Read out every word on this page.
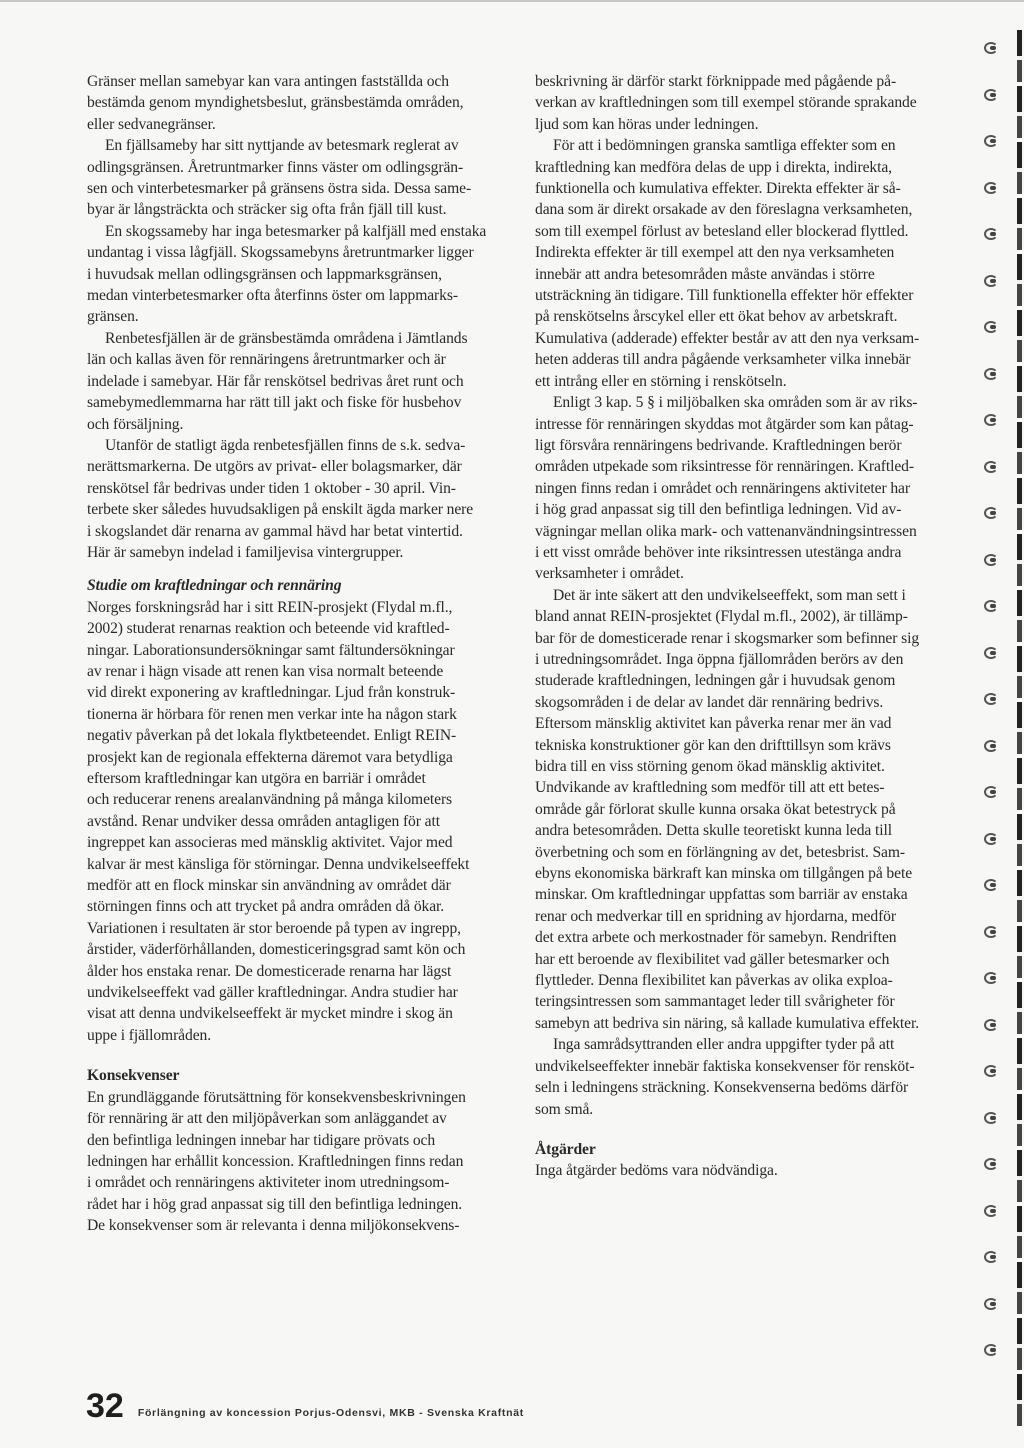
Gränser mellan samebyar kan vara antingen fastställda och
bestämda genom myndighetsbeslut, gränsbestämda områden,
eller sedvanegränser.

En fjällsameby har sitt nyttjande av betesmark reglerat av
odlingsgränsen. Åretruntmarker finns väster om odlingsgrän-
sen och vinterbetesmarker på gränsens östra sida. Dessa same-
byar är långsträckta och sträcker sig ofta från fjäll till kust.

En skogssameby har inga betesmarker på kalfjäll med enstaka
undantag i vissa lågfjäll. Skogssamebyns åretruntmarker ligger
i huvudsak mellan odlingsgränsen och lappmarksgränsen,
medan vinterbetesmarker ofta återfinns öster om lappmarks-
gränsen.

Renbetesfjällen är de gränsbestämda områdena i Jämtlands
län och kallas även för rennäringens åretruntmarker och är
indelade i samebyar. Här får renskötsel bedrivas året runt och
samebymedlemmarna har rätt till jakt och fiske för husbehov
och försäljning.

Utanför de statligt ägda renbetesfjällen finns de s.k. sedva-
nerättsmarkerna. De utgörs av privat- eller bolagsmarker, där
renskötsel får bedrivas under tiden 1 oktober - 30 april. Vin-
terbete sker således huvudsakligen på enskilt ägda marker nere
i skogslandet där renarna av gammal hävd har betat vintertid.
Här är samebyn indelad i familjevisa vintergrupper.

Studie om kraftledningar och rennäring

Norges forskningsråd har i sitt REIN-prosjekt (Flydal m.fl.,
2002) studerat renarnas reaktion och beteende vid kraftled-
ningar. Laborationsundersökningar samt fältundersökningar
av renar i hägn visade att renen kan visa normalt beteende
vid direkt exponering av kraftledningar. Ljud från konstruk-
tionerna är hörbara för renen men verkar inte ha någon stark
negativ påverkan på det lokala flyktbeteendet. Enligt REIN-
prosjekt kan de regionala effekterna däremot vara betydliga
eftersom kraftledningar kan utgöra en barriär i området
och reducerar renens arealanvändning på många kilometers
avstånd. Renar undviker dessa områden antagligen för att
ingreppet kan associeras med mänsklig aktivitet. Vajor med
kalvar är mest känsliga för störningar. Denna undvikelseeffekt
medför att en flock minskar sin användning av området där
störningen finns och att trycket på andra områden då ökar.
Variationen i resultaten är stor beroende på typen av ingrepp,
årstider, väderförhållanden, domesticeringsgrad samt kön och
ålder hos enstaka renar. De domesticerade renarna har lägst
undvikelseeffekt vad gäller kraftledningar. Andra studier har
visat att denna undvikelseeffekt är mycket mindre i skog än
uppe i fjällområden.

Konsekvenser

En grundläggande förutsättning för konsekvensbeskrivningen
för rennäring är att den miljöpåverkan som anläggandet av
den befintliga ledningen innebar har tidigare prövats och
ledningen har erhållit koncession. Kraftledningen finns redan
i området och rennäringens aktiviteter inom utredningsom-
rådet har i hög grad anpassat sig till den befintliga ledningen.
De konsekvenser som är relevanta i denna miljökonsekvens-

beskrivning är därför starkt förknippade med pågående på-
verkan av kraftledningen som till exempel störande sprakande
ljud som kan höras under ledningen.

För att i bedömningen granska samtliga effekter som en
kraftledning kan medföra delas de upp i direkta, indirekta,
funktionella och kumulativa effekter. Direkta effekter är så-
dana som är direkt orsakade av den föreslagna verksamheten,
som till exempel förlust av betesland eller blockerad flyttled.
Indirekta effekter är till exempel att den nya verksamheten
innebär att andra betesområden måste användas i större
utsträckning än tidigare. Till funktionella effekter hör effekter
på renskötselns årscykel eller ett ökat behov av arbetskraft.
Kumulativa (adderade) effekter består av att den nya verksam-
heten adderas till andra pågående verksamheter vilka innebär
ett intrång eller en störning i renskötseln.

Enligt 3 kap. 5 § i miljöbalken ska områden som är av riks-
intresse för rennäringen skyddas mot åtgärder som kan påtag-
ligt försvåra rennäringens bedrivande. Kraftledningen berör
områden utpekade som riksintresse för rennäringen. Kraftled-
ningen finns redan i området och rennäringens aktiviteter har
i hög grad anpassat sig till den befintliga ledningen. Vid av-
vägningar mellan olika mark- och vattenanvändningsintressen
i ett visst område behöver inte riksintressen utestänga andra
verksamheter i området.

Det är inte säkert att den undvikelseeffekt, som man sett i
bland annat REIN-prosjektet (Flydal m.fl., 2002), är tillämp-
bar för de domesticerade renar i skogsmarker som befinner sig
i utredningsområdet. Inga öppna fjällområden berörs av den
studerade kraftledningen, ledningen går i huvudsak genom
skogsområden i de delar av landet där rennäring bedrivs.
Eftersom mänsklig aktivitet kan påverka renar mer än vad
tekniska konstruktioner gör kan den drifttillsyn som krävs
bidra till en viss störning genom ökad mänsklig aktivitet.
Undvikande av kraftledning som medför till att ett betes-
område går förlorat skulle kunna orsaka ökat betestryck på
andra betesområden. Detta skulle teoretiskt kunna leda till
överbetning och som en förlängning av det, betesbrist. Sam-
ebyns ekonomiska bärkraft kan minska om tillgången på bete
minskar. Om kraftledningar uppfattas som barriär av enstaka
renar och medverkar till en spridning av hjordarna, medför
det extra arbete och merkostnader för samebyn. Rendriften
har ett beroende av flexibilitet vad gäller betesmarker och
flyttleder. Denna flexibilitet kan påverkas av olika exploa-
teringsintressen som sammantaget leder till svårigheter för
samebyn att bedriva sin näring, så kallade kumulativa effekter.

Inga samrådsyttranden eller andra uppgifter tyder på att
undvikelseeffekter innebär faktiska konsekvenser för rensköt-
seln i ledningens sträckning. Konsekvenserna bedöms därför
som små.

Åtgärder

Inga åtgärder bedöms vara nödvändiga.

32 Förlängning av koncession Porjus-Odensvi, MKB - Svenska Kraftnät
